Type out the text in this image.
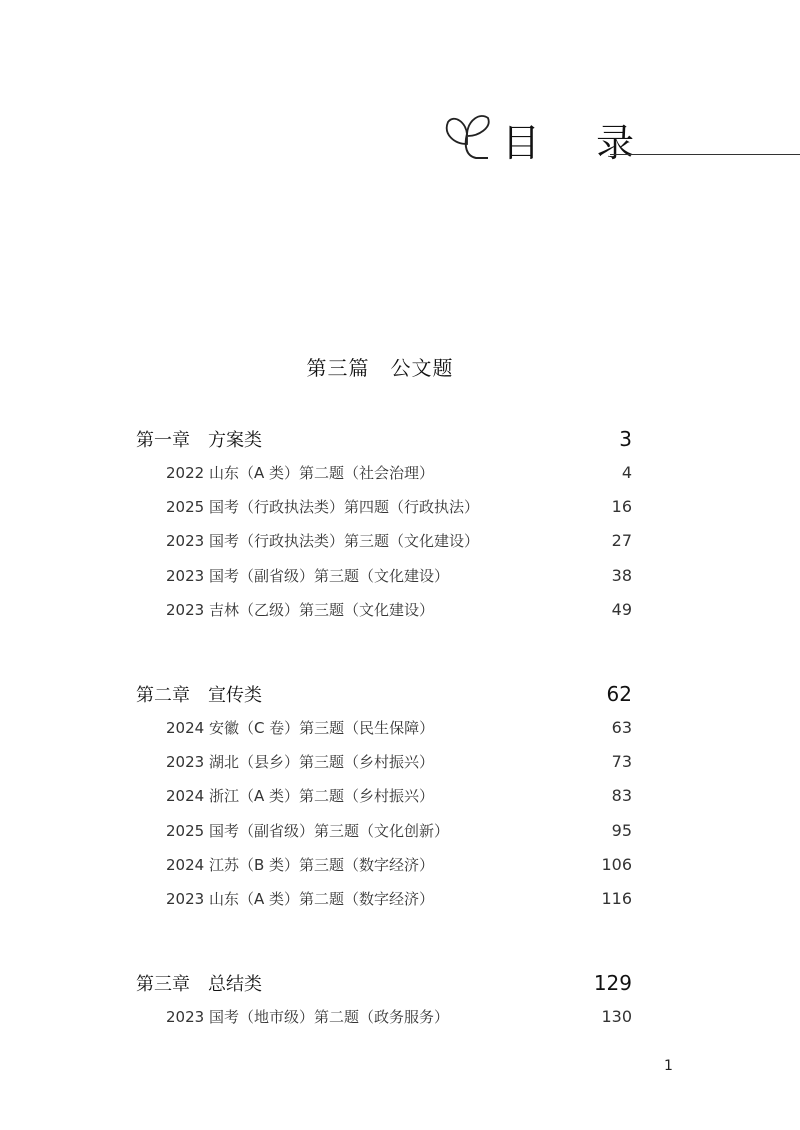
目 录
第三篇　公文题
第一章　方案类	3
2022 山东（A 类）第二题（社会治理）	4
2025 国考（行政执法类）第四题（行政执法）	16
2023 国考（行政执法类）第三题（文化建设）	27
2023 国考（副省级）第三题（文化建设）	38
2023 吉林（乙级）第三题（文化建设）	49
第二章　宣传类	62
2024 安徽（C 卷）第三题（民生保障）	63
2023 湖北（县乡）第三题（乡村振兴）	73
2024 浙江（A 类）第二题（乡村振兴）	83
2025 国考（副省级）第三题（文化创新）	95
2024 江苏（B 类）第三题（数字经济）	106
2023 山东（A 类）第二题（数字经济）	116
第三章　总结类	129
2023 国考（地市级）第二题（政务服务）	130
1
